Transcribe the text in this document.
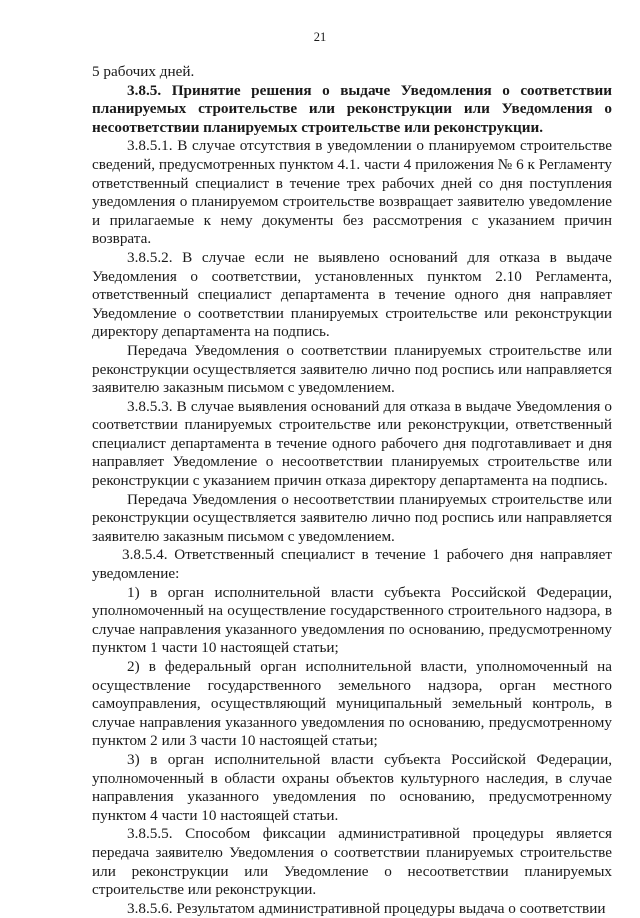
21

5 рабочих дней.

3.8.5. Принятие решения о выдаче Уведомления о соответствии планируемых строительстве или реконструкции или Уведомления о несоответствии планируемых строительстве или реконструкции.

3.8.5.1. В случае отсутствия в уведомлении о планируемом строительстве сведений, предусмотренных пунктом 4.1. части 4 приложения № 6 к Регламенту ответственный специалист в течение трех рабочих дней со дня поступления уведомления о планируемом строительстве возвращает заявителю уведомление и прилагаемые к нему документы без рассмотрения с указанием причин возврата.

3.8.5.2. В случае если не выявлено оснований для отказа в выдаче Уведомления о соответствии, установленных пунктом 2.10 Регламента, ответственный специалист департамента в течение одного дня направляет Уведомление о соответствии планируемых строительстве или реконструкции директору департамента на подпись.

Передача Уведомления о соответствии планируемых строительстве или реконструкции осуществляется заявителю лично под роспись или направляется заявителю заказным письмом с уведомлением.

3.8.5.3. В случае выявления оснований для отказа в выдаче Уведомления о соответствии планируемых строительстве или реконструкции, ответственный специалист департамента в течение одного рабочего дня подготавливает и дня направляет Уведомление о несоответствии планируемых строительстве или реконструкции с указанием причин отказа директору департамента на подпись.

Передача Уведомления о несоответствии планируемых строительстве или реконструкции осуществляется заявителю лично под роспись или направляется заявителю заказным письмом с уведомлением.

3.8.5.4. Ответственный специалист в течение 1 рабочего дня направляет уведомление:

1) в орган исполнительной власти субъекта Российской Федерации, уполномоченный на осуществление государственного строительного надзора, в случае направления указанного уведомления по основанию, предусмотренному пунктом 1 части 10 настоящей статьи;

2) в федеральный орган исполнительной власти, уполномоченный на осуществление государственного земельного надзора, орган местного самоуправления, осуществляющий муниципальный земельный контроль, в случае направления указанного уведомления по основанию, предусмотренному пунктом 2 или 3 части 10 настоящей статьи;

3) в орган исполнительной власти субъекта Российской Федерации, уполномоченный в области охраны объектов культурного наследия, в случае направления указанного уведомления по основанию, предусмотренному пунктом 4 части 10 настоящей статьи.

3.8.5.5. Способом фиксации административной процедуры является передача заявителю Уведомления о соответствии планируемых строительстве или реконструкции или Уведомление о несоответствии планируемых строительстве или реконструкции.

3.8.5.6. Результатом административной процедуры выдача о соответствии
